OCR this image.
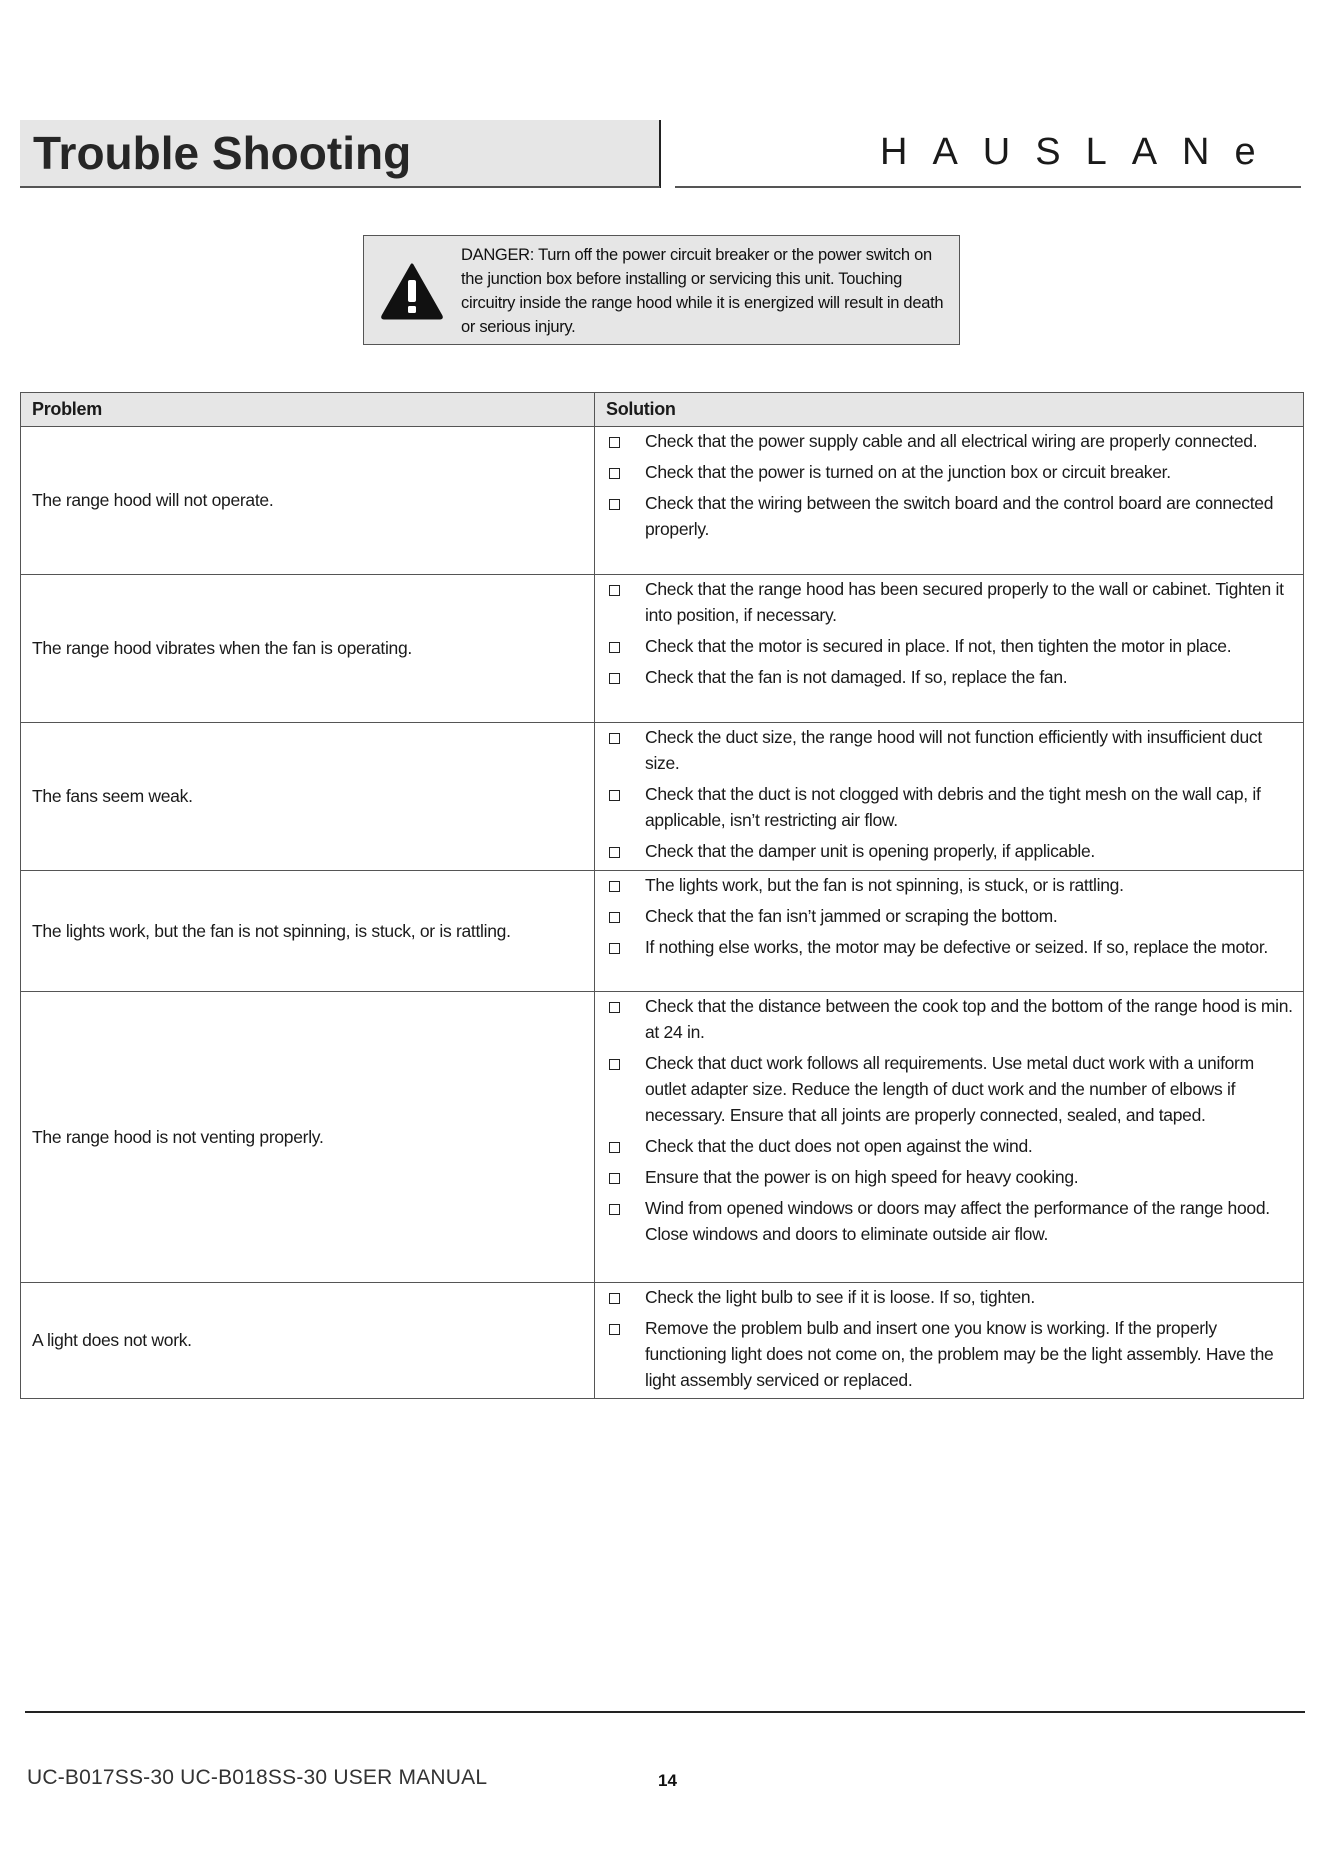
Trouble Shooting	HAUSLANe
DANGER: Turn off the power circuit breaker or the power switch on the junction box before installing or servicing this unit. Touching circuitry inside the range hood while it is energized will result in death or serious injury.
Problem	Solution
The range hood will not operate.	Check that the power supply cable and all electrical wiring are properly connected.
Check that the power is turned on at the junction box or circuit breaker.
Check that the wiring between the switch board and the control board are connected properly.

The range hood vibrates when the fan is operating.	Check that the range hood has been secured properly to the wall or cabinet. Tighten it into position, if necessary.
Check that the motor is secured in place. If not, then tighten the motor in place.
Check that the fan is not damaged. If so, replace the fan.

The fans seem weak.	Check the duct size, the range hood will not function efficiently with insufficient duct size.
Check that the duct is not clogged with debris and the tight mesh on the wall cap, if applicable, isn’t restricting air flow.
Check that the damper unit is opening properly, if applicable.

The lights work, but the fan is not spinning, is stuck, or is rattling.	The lights work, but the fan is not spinning, is stuck, or is rattling.
Check that the fan isn’t jammed or scraping the bottom.
If nothing else works, the motor may be defective or seized. If so, replace the motor.

The range hood is not venting properly.	Check that the distance between the cook top and the bottom of the range hood is min. at 24 in.
Check that duct work follows all requirements. Use metal duct work with a uniform outlet adapter size. Reduce the length of duct work and the number of elbows if necessary. Ensure that all joints are properly connected, sealed, and taped.
Check that the duct does not open against the wind.
Ensure that the power is on high speed for heavy cooking.
Wind from opened windows or doors may affect the performance of the range hood. Close windows and doors to eliminate outside air flow.

A light does not work.	Check the light bulb to see if it is loose. If so, tighten.
Remove the problem bulb and insert one you know is working. If the properly functioning light does not come on, the problem may be the light assembly. Have the light assembly serviced or replaced.
UC-B017SS-30 UC-B018SS-30 USER MANUAL	14
